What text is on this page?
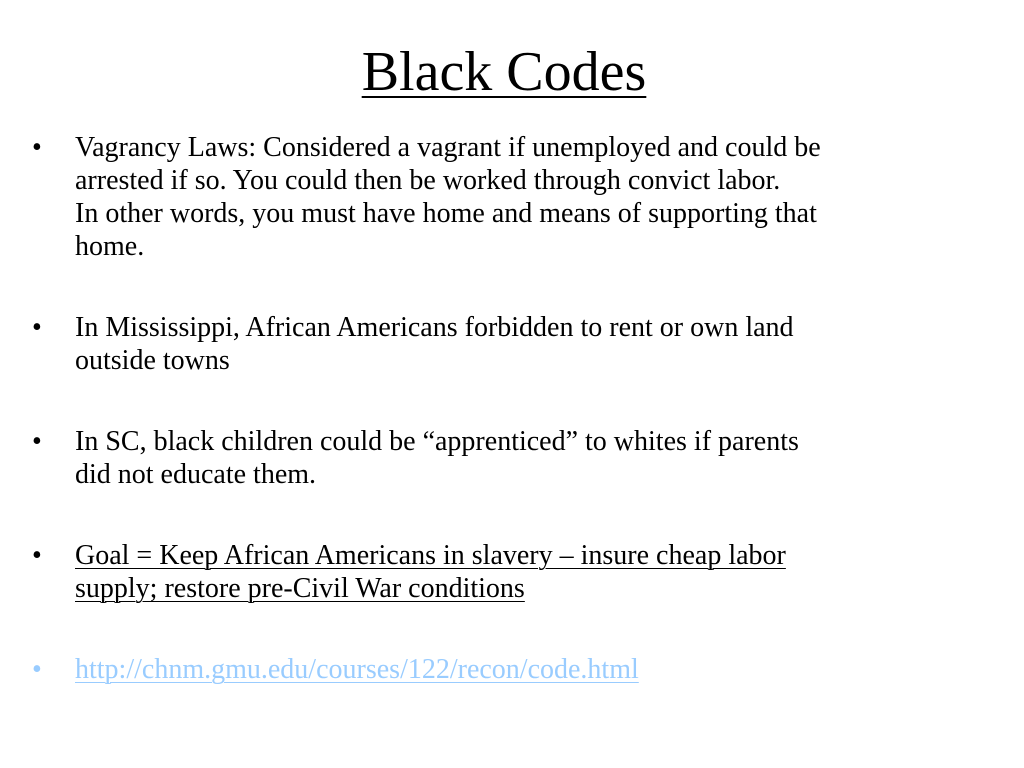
Black Codes
•	Vagrancy Laws: Considered a vagrant if unemployed and could be
arrested if so. You could then be worked through convict labor.
In other words, you must have home and means of supporting that
home.
•	In Mississippi, African Americans forbidden to rent or own land
outside towns
•	In SC, black children could be “apprenticed” to whites if parents
did not educate them.
•	Goal = Keep African Americans in slavery – insure cheap labor
supply; restore pre-Civil War conditions
•	http://chnm.gmu.edu/courses/122/recon/code.html
